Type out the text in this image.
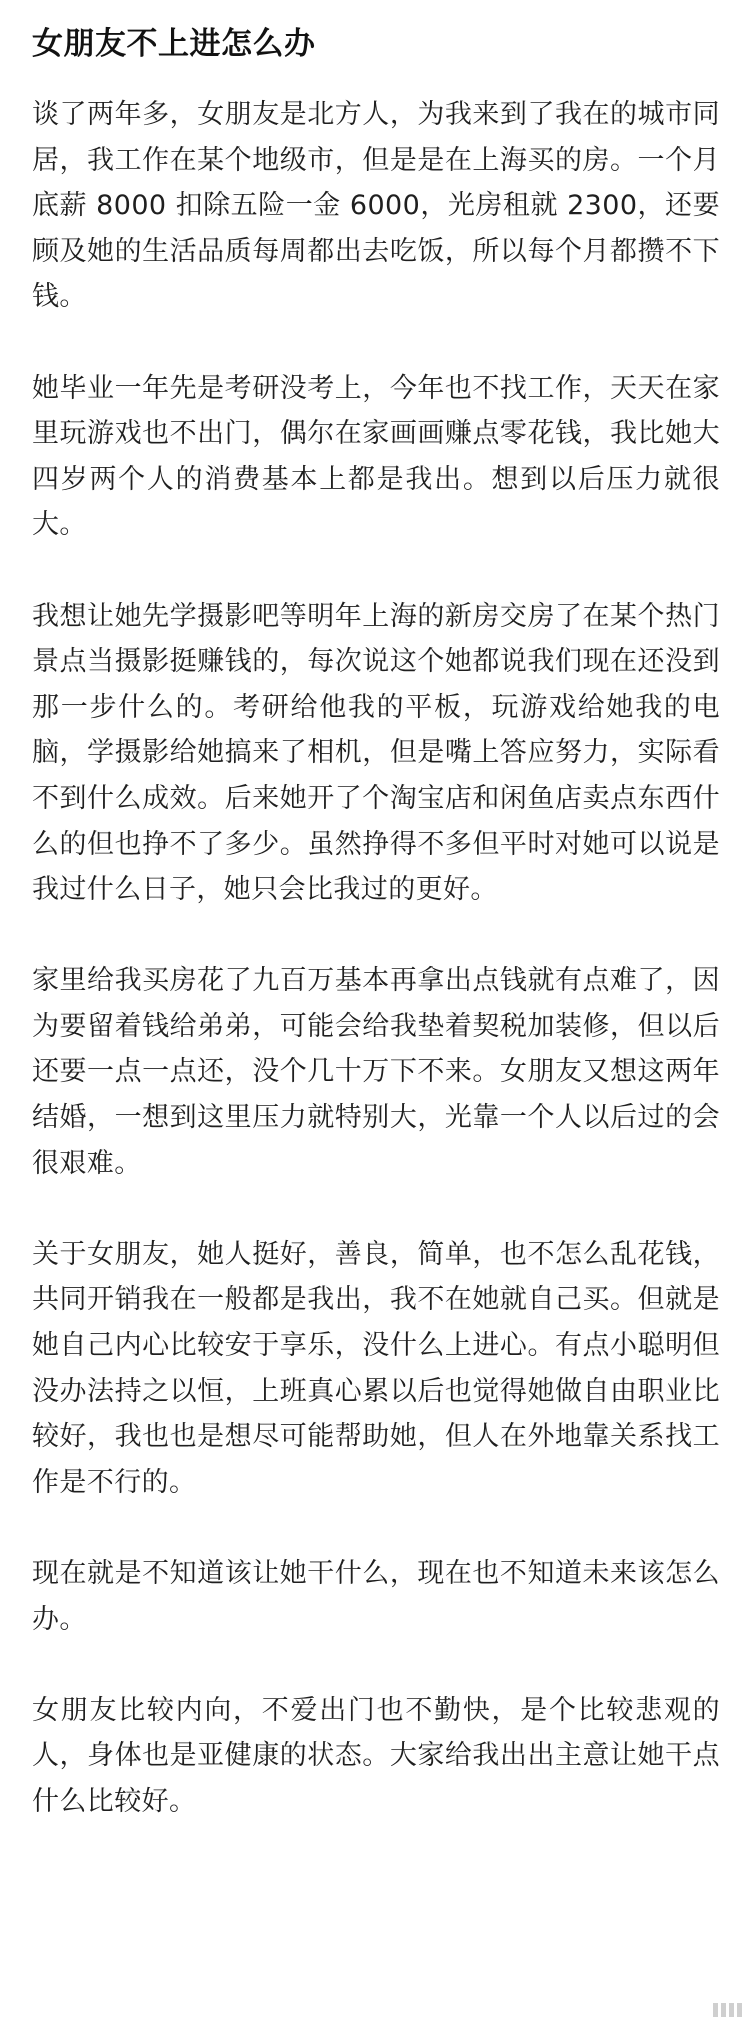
女朋友不上进怎么办

谈了两年多，女朋友是北方人，为我来到了我在的城市同居，我工作在某个地级市，但是是在上海买的房。一个月底薪 8000 扣除五险一金 6000，光房租就 2300，还要顾及她的生活品质每周都出去吃饭，所以每个月都攒不下钱。

她毕业一年先是考研没考上，今年也不找工作，天天在家里玩游戏也不出门，偶尔在家画画赚点零花钱，我比她大四岁两个人的消费基本上都是我出。想到以后压力就很大。

我想让她先学摄影吧等明年上海的新房交房了在某个热门景点当摄影挺赚钱的，每次说这个她都说我们现在还没到那一步什么的。考研给他我的平板，玩游戏给她我的电脑，学摄影给她搞来了相机，但是嘴上答应努力，实际看不到什么成效。后来她开了个淘宝店和闲鱼店卖点东西什么的但也挣不了多少。虽然挣得不多但平时对她可以说是我过什么日子，她只会比我过的更好。

家里给我买房花了九百万基本再拿出点钱就有点难了，因为要留着钱给弟弟，可能会给我垫着契税加装修，但以后还要一点一点还，没个几十万下不来。女朋友又想这两年结婚，一想到这里压力就特别大，光靠一个人以后过的会很艰难。

关于女朋友，她人挺好，善良，简单，也不怎么乱花钱，共同开销我在一般都是我出，我不在她就自己买。但就是她自己内心比较安于享乐，没什么上进心。有点小聪明但没办法持之以恒，上班真心累以后也觉得她做自由职业比较好，我也也是想尽可能帮助她，但人在外地靠关系找工作是不行的。

现在就是不知道该让她干什么，现在也不知道未来该怎么办。

女朋友比较内向，不爱出门也不勤快，是个比较悲观的人，身体也是亚健康的状态。大家给我出出主意让她干点什么比较好。
